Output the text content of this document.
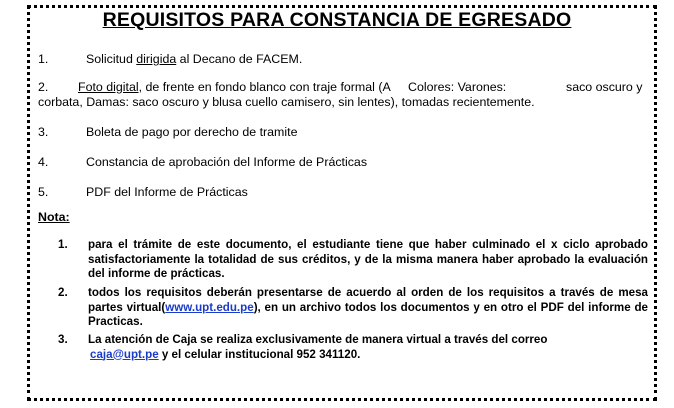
REQUISITOS PARA CONSTANCIA DE EGRESADO
1.	Solicitud dirigida al Decano de FACEM.
2. Foto digital, de frente en fondo blanco con traje formal (A Colores: Varones:	saco oscuro y
corbata, Damas: saco oscuro y blusa cuello camisero, sin lentes), tomadas recientemente.
3.	Boleta de pago por derecho de tramite
4.	Constancia de aprobación del Informe de Prácticas
5.	PDF del Informe de Prácticas
Nota:
1. para el trámite de este documento, el estudiante tiene que haber culminado el x ciclo aprobado satisfactoriamente la totalidad de sus créditos, y de la misma manera haber aprobado la evaluación del informe de prácticas.
2. todos los requisitos deberán presentarse de acuerdo al orden de los requisitos a través de mesa partes virtual(www.upt.edu.pe), en un archivo todos los documentos y en otro el PDF del informe de Practicas.
3. La atención de Caja se realiza exclusivamente de manera virtual a través del correo
caja@upt.pe y el celular institucional 952 341120.
